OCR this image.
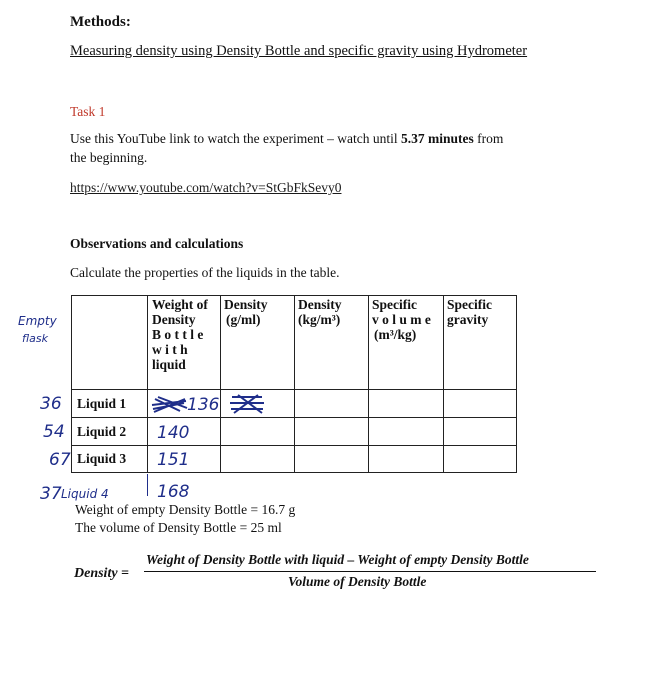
Methods:
Measuring density using Density Bottle and specific gravity using Hydrometer
Task 1
Use this YouTube link to watch the experiment – watch until 5.37 minutes from
the beginning.
https://www.youtube.com/watch?v=StGbFkSevy0
Observations and calculations
Calculate the properties of the liquids in the table.
Empty
flask
Weight of
Density
B o t t l e
w i t h
liquid
Density
(g/ml)
Density
(kg/m³)
Specific
v o l u m e
(m³/kg)
Specific
gravity
Liquid 1
Liquid 2
Liquid 3
36
54
67
37 Liquid 4
136
140
151
168
Weight of empty Density Bottle = 16.7 g
The volume of Density Bottle = 25 ml
Density =
Weight of Density Bottle with liquid – Weight of empty Density Bottle
Volume of Density Bottle
